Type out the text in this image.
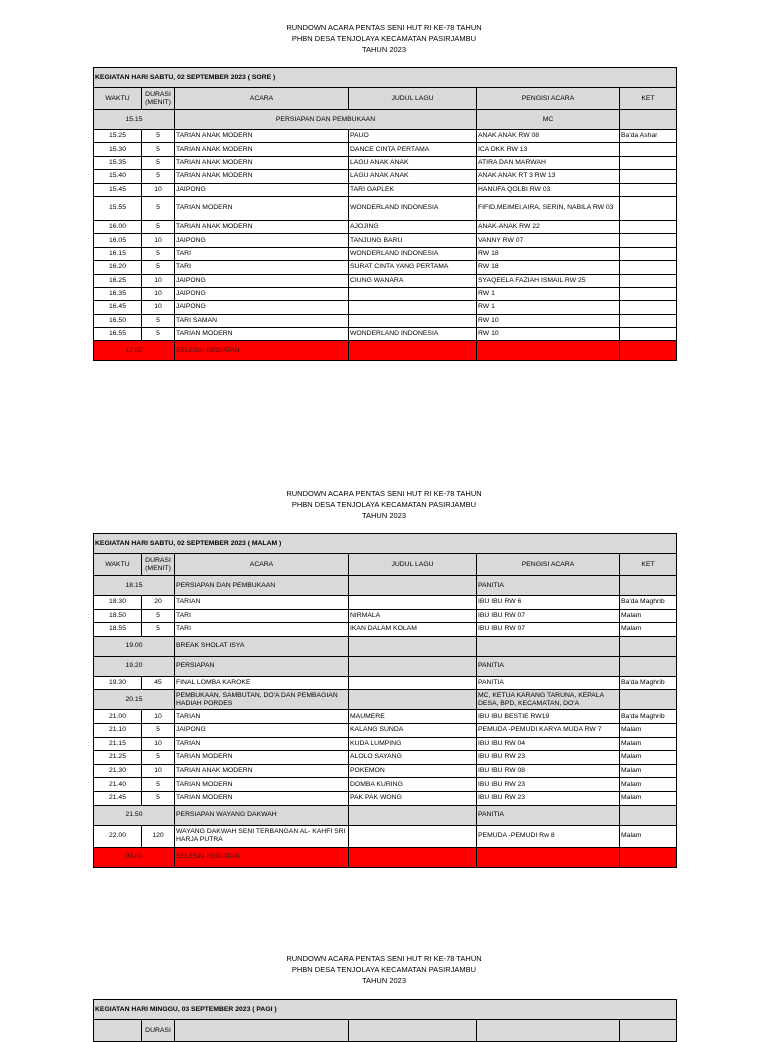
RUNDOWN ACARA PENTAS SENI HUT RI KE-78 TAHUN
PHBN DESA TENJOLAYA KECAMATAN PASIRJAMBU
TAHUN 2023
KEGIATAN HARI SABTU, 02 SEPTEMBER 2023 ( SORE )					
WAKTU	DURASI (MENIT)	ACARA	JUDUL LAGU	PENGISI ACARA	KET
15.15		PERSIAPAN DAN PEMBUKAAN		MC	
15.25	5	TARIAN ANAK MODERN	PAUO	ANAK ANAK RW 08	Ba'da Ashar
15.30	5	TARIAN ANAK MODERN	DANCE CINTA PERTAMA	ICA DKK RW 13	
15.35	5	TARIAN ANAK MODERN	LAGU ANAK ANAK	ATIRA DAN MARWAH	
15.40	5	TARIAN ANAK MODERN	LAGU ANAK ANAK	ANAK ANAK RT 3 RW 13	
15.45	10	JAIPONG	TARI GAPLEK	HANUFA QOLBI RW 03	
15.55	5	TARIAN MODERN	WONDERLAND INDONESIA	FIFID,MEIMEI,AIRA, SERIN, NABILA RW 03	
16.00	5	TARIAN ANAK MODERN	AJOJING	ANAK-ANAK RW 22	
16.05	10	JAIPONG	TANJUNG BARU	VANNY RW 07	
16.15	5	TARI	WONDERLAND INDONESIA	RW 18	
16.20	5	TARI	SURAT CINTA YANG PERTAMA	RW 18	
16.25	10	JAIPONG	CIUNG WANARA	SYAQEELA FAZIAH ISMAIL RW 25	
16.35	10	JAIPONG		RW 1	
16.45	10	JAIPONG		RW 1	
16.50	5	TARI SAMAN		RW 10	
16.55	5	TARIAN MODERN	WONDERLAND INDONESIA	RW 10	
17.00		SELESAI KEGIATAN			
RUNDOWN ACARA PENTAS SENI HUT RI KE-78 TAHUN
PHBN DESA TENJOLAYA KECAMATAN PASIRJAMBU
TAHUN 2023
KEGIATAN HARI SABTU, 02 SEPTEMBER 2023 ( MALAM )					
WAKTU	DURASI (MENIT)	ACARA	JUDUL LAGU	PENGISI ACARA	KET
18.15		PERSIAPAN DAN PEMBUKAAN		PANITIA	
18.30	20	TARIAN		IBU IBU RW 6	Ba'da Maghrib
18.50	5	TARI	NIRMALA	IBU IBU RW 07	Malam
18.55	5	TARI	IKAN DALAM KOLAM	IBU IBU RW 07	Malam
19.00		BREAK SHOLAT ISYA			
19.20		PERSIAPAN		PANITIA	
19.30	45	FINAL LOMBA KAROKE		PANITIA	Ba'da Maghrib
20.15		PEMBUKAAN, SAMBUTAN, DO'A DAN PEMBAGIAN HADIAH PORDES		MC, KETUA KARANG TARUNA, KEPALA DESA, BPD, KECAMATAN, DO'A	
21.00	10	TARIAN	MAUMERE	IBU IBU BESTIE RW19	Ba'da Maghrib
21.10	5	JAIPONG	KALANG SUNDA	PEMUDA -PEMUDI KARYA MUDA RW 7	Malam
21.15	10	TARIAN	KUDA LUMPING	IBU IBU RW 04	Malam
21.25	5	TARIAN MODERN	ALOLO SAYANG	IBU IBU RW 23	Malam
21.30	10	TARIAN ANAK MODERN	POKEMON	IBU IBU RW 08	Malam
21.40	5	TARIAN MODERN	DOMBA KURING	IBU IBU RW 23	Malam
21.45	5	TARIAN MODERN	PAK PAK WONG	IBU IBU RW 23	Malam
21.50		PERSIAPAN WAYANG DAKWAH		PANITIA	
22.00	120	WAYANG DAKWAH SENI TERBANGAN AL- KAHFI SRI HARJA PUTRA		PEMUDA -PEMUDI Rw 8	Malam
00.00		SELESAI KEGIATAN			
RUNDOWN ACARA PENTAS SENI HUT RI KE-78 TAHUN
PHBN DESA TENJOLAYA KECAMATAN PASIRJAMBU
TAHUN 2023
KEGIATAN HARI MINGGU, 03 SEPTEMBER 2023 ( PAGI )
	DURASI				
